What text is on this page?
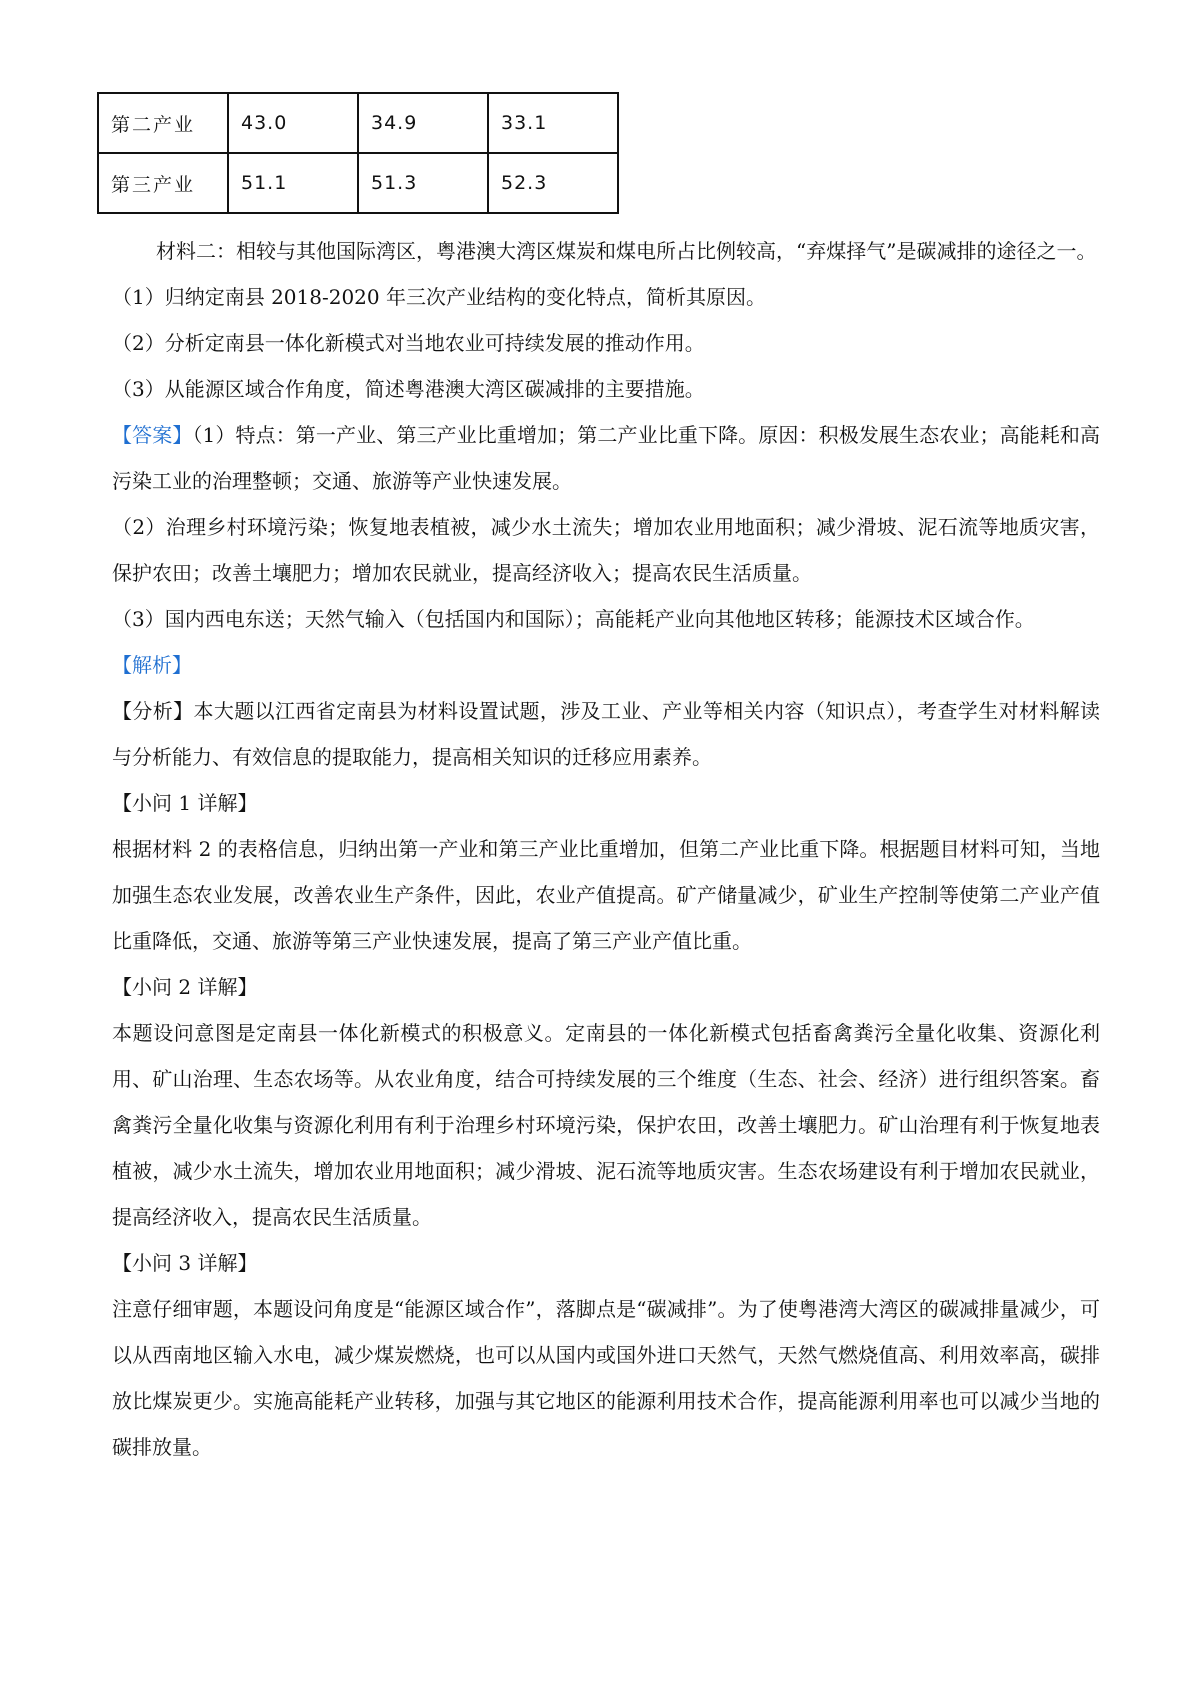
第二产业	43.0	34.9	33.1
第三产业	51.1	51.3	52.3

材料二：相较与其他国际湾区，粤港澳大湾区煤炭和煤电所占比例较高，“弃煤择气”是碳减排的途径之一。

（1）归纳定南县 2018-2020 年三次产业结构的变化特点，简析其原因。

（2）分析定南县一体化新模式对当地农业可持续发展的推动作用。

（3）从能源区域合作角度，简述粤港澳大湾区碳减排的主要措施。

【答案】（1）特点：第一产业、第三产业比重增加；第二产业比重下降。原因：积极发展生态农业；高能耗和高污染工业的治理整顿；交通、旅游等产业快速发展。

（2）治理乡村环境污染；恢复地表植被，减少水土流失；增加农业用地面积；减少滑坡、泥石流等地质灾害，保护农田；改善土壤肥力；增加农民就业，提高经济收入；提高农民生活质量。

（3）国内西电东送；天然气输入（包括国内和国际）；高能耗产业向其他地区转移；能源技术区域合作。

【解析】

【分析】本大题以江西省定南县为材料设置试题，涉及工业、产业等相关内容（知识点），考查学生对材料解读与分析能力、有效信息的提取能力，提高相关知识的迁移应用素养。

【小问 1 详解】

根据材料 2 的表格信息，归纳出第一产业和第三产业比重增加，但第二产业比重下降。根据题目材料可知，当地加强生态农业发展，改善农业生产条件，因此，农业产值提高。矿产储量减少，矿业生产控制等使第二产业产值比重降低，交通、旅游等第三产业快速发展，提高了第三产业产值比重。

【小问 2 详解】

本题设问意图是定南县一体化新模式的积极意义。定南县的一体化新模式包括畜禽粪污全量化收集、资源化利用、矿山治理、生态农场等。从农业角度，结合可持续发展的三个维度（生态、社会、经济）进行组织答案。畜禽粪污全量化收集与资源化利用有利于治理乡村环境污染，保护农田，改善土壤肥力。矿山治理有利于恢复地表植被，减少水土流失，增加农业用地面积；减少滑坡、泥石流等地质灾害。生态农场建设有利于增加农民就业，提高经济收入，提高农民生活质量。

【小问 3 详解】

注意仔细审题，本题设问角度是“能源区域合作”，落脚点是“碳减排”。为了使粤港湾大湾区的碳减排量减少，可以从西南地区输入水电，减少煤炭燃烧，也可以从国内或国外进口天然气，天然气燃烧值高、利用效率高，碳排放比煤炭更少。实施高能耗产业转移，加强与其它地区的能源利用技术合作，提高能源利用率也可以减少当地的碳排放量。
